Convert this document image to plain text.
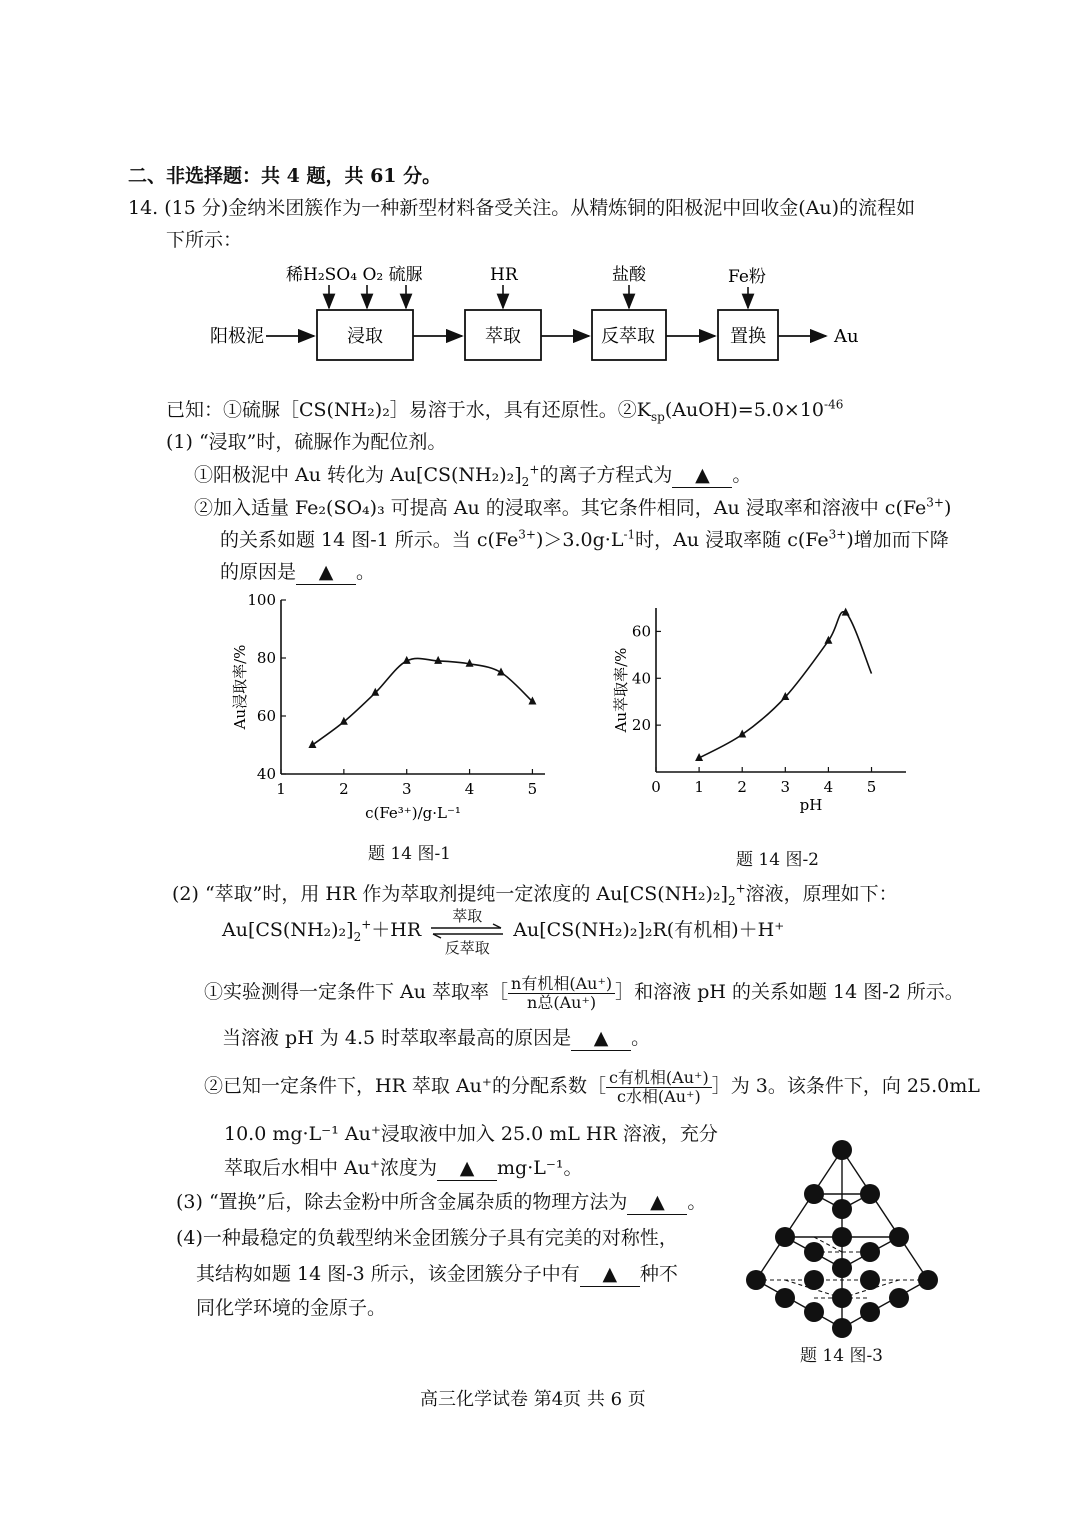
二、非选择题：共 4 题，共 61 分。
14. (15 分)金纳米团簇作为一种新型材料备受关注。从精炼铜的阳极泥中回收金(Au)的流程如
下所示：
阳极泥	浸取	萃取	反萃取	置换	Au
稀H₂SO₄ O₂ 硫脲	HR	盐酸	Fe粉
已知：①硫脲［CS(NH₂)₂］易溶于水，具有还原性。$②K_{sp}(AuOH)=5.0\times 10^{-46}$
(1) “浸取”时，硫脲作为配位剂。
①阳极泥中 Au 转化为 $Au[CS(NH_2)_2]_2^+$的离子方程式为 ▲ 。
②加入适量 Fe₂(SO₄)₃ 可提高 Au 的浸取率。其它条件相同，Au 浸取率和溶液中 $c(Fe^{3+})$
的关系如题 14 图-1 所示。当 $c(Fe^{3+})>3.0g\cdot L^{-1}$时，Au 浸取率随 $c(Fe^{3+})$增加而下降
的原因是 ▲ 。
1	2	3	4	5
40
60
80
100
c(Fe³⁺)/g·L⁻¹
Au浸取率/%
题 14 图-1
0 1 2 3 4 5
20
40
60
pH
Au萃取率/%
题 14 图-2
(2) “萃取”时，用 HR 作为萃取剂提纯一定浓度的 $Au[CS(NH_2)_2]_2^+$溶液，原理如下：
$Au[CS(NH_2)_2]_2^++HR$
萃取
反萃取
Au[CS(NH₂)₂]₂R(有机相)＋H⁺
①实验测得一定条件下 Au 萃取率［ $\frac{\text{n有机相(Au⁺)}}{\text{n总(Au⁺)}}$ ］和溶液 pH 的关系如题 14 图-2 所示。
当溶液 pH 为 4.5 时萃取率最高的原因是 ▲ 。
②已知一定条件下，HR 萃取 Au⁺的分配系数［ $\frac{\text{c有机相(Au⁺)}}{\text{c水相(Au⁺)}}$ ］为 3。该条件下，向 25.0mL
10.0 mg·L⁻¹ Au⁺浸取液中加入 25.0 mL HR 溶液，充分
萃取后水相中 Au⁺浓度为 ▲ mg·L⁻¹。
(3) “置换”后，除去金粉中所含金属杂质的物理方法为 ▲ 。
(4)一种最稳定的负载型纳米金团簇分子具有完美的对称性，
其结构如题 14 图-3 所示，该金团簇分子中有 ▲ 种不
同化学环境的金原子。
题 14 图-3
高三化学试卷 第4页 共 6 页
